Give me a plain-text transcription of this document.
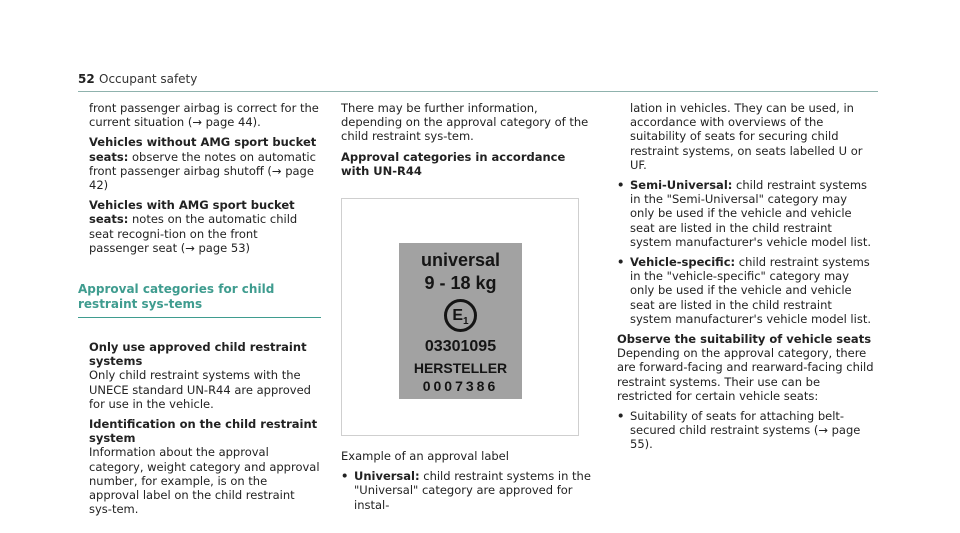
52 Occupant safety

front passenger airbag is correct for the current situation (→ page 44).

Vehicles without AMG sport bucket seats: observe the notes on automatic front passenger airbag shutoff (→ page 42)

Vehicles with AMG sport bucket seats: notes on the automatic child seat recogni-tion on the front passenger seat (→ page 53)

Approval categories for child restraint sys-tems

Only use approved child restraint systems
Only child restraint systems with the UNECE standard UN-R44 are approved for use in the vehicle.

Identification on the child restraint system
Information about the approval category, weight category and approval number, for example, is on the approval label on the child restraint sys-tem.

There may be further information, depending on the approval category of the child restraint sys-tem.

Approval categories in accordance with UN-R44

universal
9 - 18 kg
$E_1$
03301095
HERSTELLER
0007386

Example of an approval label

• Universal: child restraint systems in the "Universal" category are approved for instal-

lation in vehicles. They can be used, in accordance with overviews of the suitability of seats for securing child restraint systems, on seats labelled U or UF.

• Semi-Universal: child restraint systems in the "Semi-Universal" category may only be used if the vehicle and vehicle seat are listed in the child restraint system manufacturer's vehicle model list.

• Vehicle-specific: child restraint systems in the "vehicle-specific" category may only be used if the vehicle and vehicle seat are listed in the child restraint system manufacturer's vehicle model list.

Observe the suitability of vehicle seats

Depending on the approval category, there are forward-facing and rearward-facing child restraint systems. Their use can be restricted for certain vehicle seats:

• Suitability of seats for attaching belt-secured child restraint systems (→ page 55).
